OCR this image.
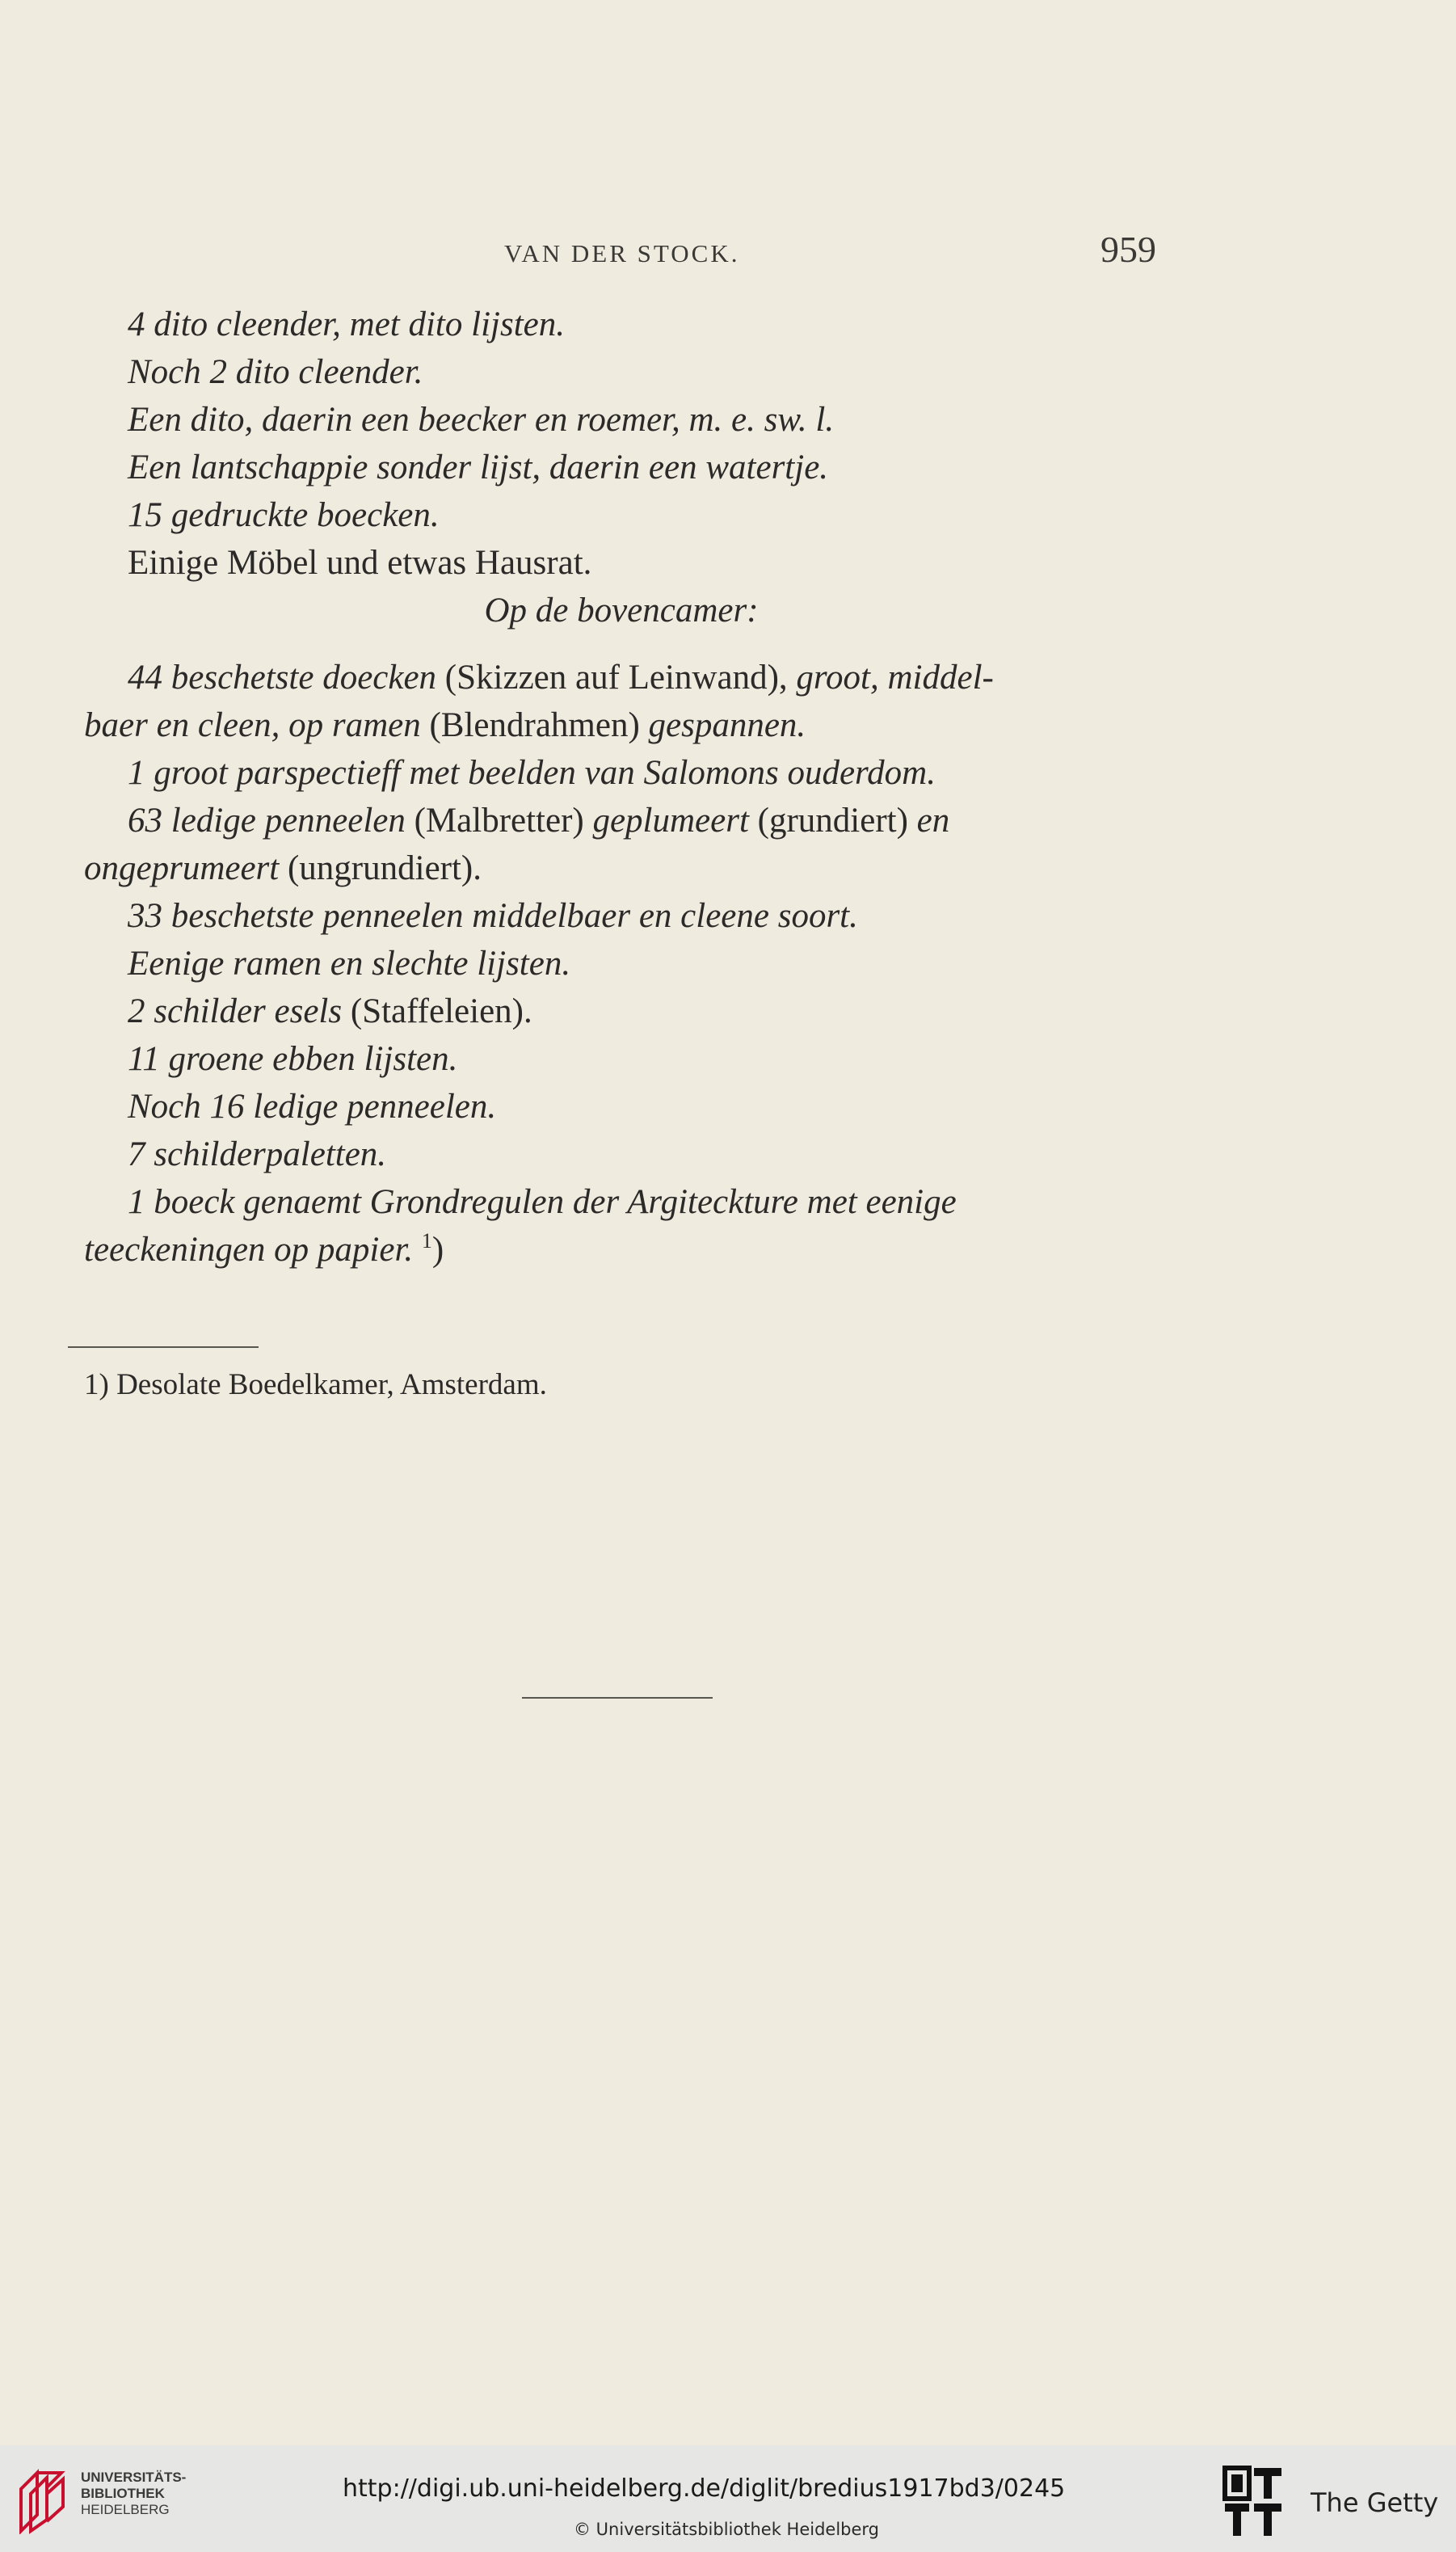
VAN DER STOCK.	959
4 dito cleender, met dito lijsten.
Noch 2 dito cleender.
Een dito, daerin een beecker en roemer, m. e. sw. l.
Een lantschappie sonder lijst, daerin een watertje.
15 gedruckte boecken.
Einige Möbel und etwas Hausrat.
Op de bovencamer:
44 beschetste doecken (Skizzen auf Leinwand), groot, middel-
baer en cleen, op ramen (Blendrahmen) gespannen.
1 groot parspectieff met beelden van Salomons ouderdom.
63 ledige penneelen (Malbretter) geplumeert (grundiert) en
ongeprumeert (ungrundiert).
33 beschetste penneelen middelbaer en cleene soort.
Eenige ramen en slechte lijsten.
2 schilder esels (Staffeleien).
11 groene ebben lijsten.
Noch 16 ledige penneelen.
7 schilderpaletten.
1 boeck genaemt Grondregulen der Argiteckture met eenige
teeckeningen op papier. $^1$)
1) Desolate Boedelkamer, Amsterdam.
UNIVERSITÄTS-
BIBLIOTHEK
HEIDELBERG
http://digi.ub.uni-heidelberg.de/diglit/bredius1917bd3/0245
© Universitätsbibliothek Heidelberg
The Getty
